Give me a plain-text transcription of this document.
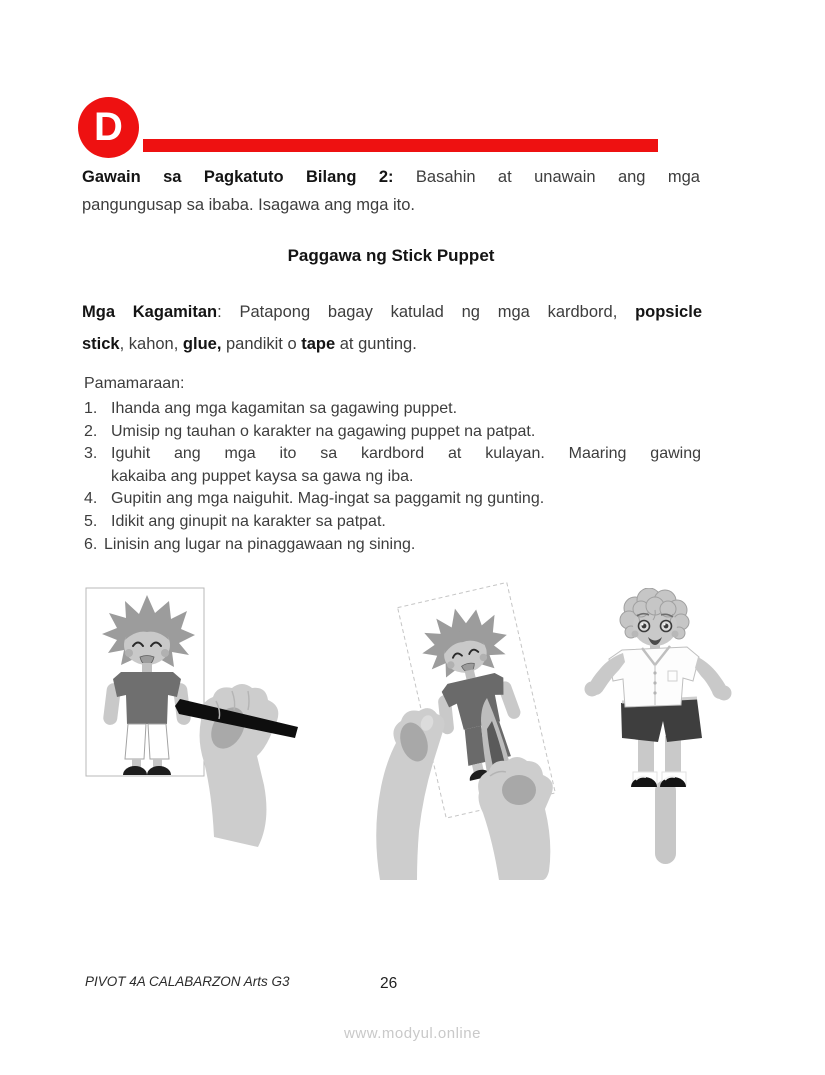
D
Gawain sa Pagkatuto Bilang 2: Basahin at unawain ang mga
pangungusap sa ibaba. Isagawa ang mga ito.
Paggawa ng Stick Puppet
Mga Kagamitan: Patapong bagay katulad ng mga kardbord, popsicle
stick, kahon, glue, pandikit o tape at gunting.
Pamamaraan:
1. Ihanda ang mga kagamitan sa gagawing puppet.
2. Umisip ng tauhan o karakter na gagawing puppet na patpat.
3. Iguhit ang mga ito sa kardbord at kulayan. Maaring gawing
kakaiba ang puppet kaysa sa gawa ng iba.
4. Gupitin ang mga naiguhit. Mag-ingat sa paggamit ng gunting.
5. Idikit ang ginupit na karakter sa patpat.
6. Linisin ang lugar na pinaggawaan ng sining.
PIVOT 4A CALABARZON Arts G3	26
www.modyul.online
